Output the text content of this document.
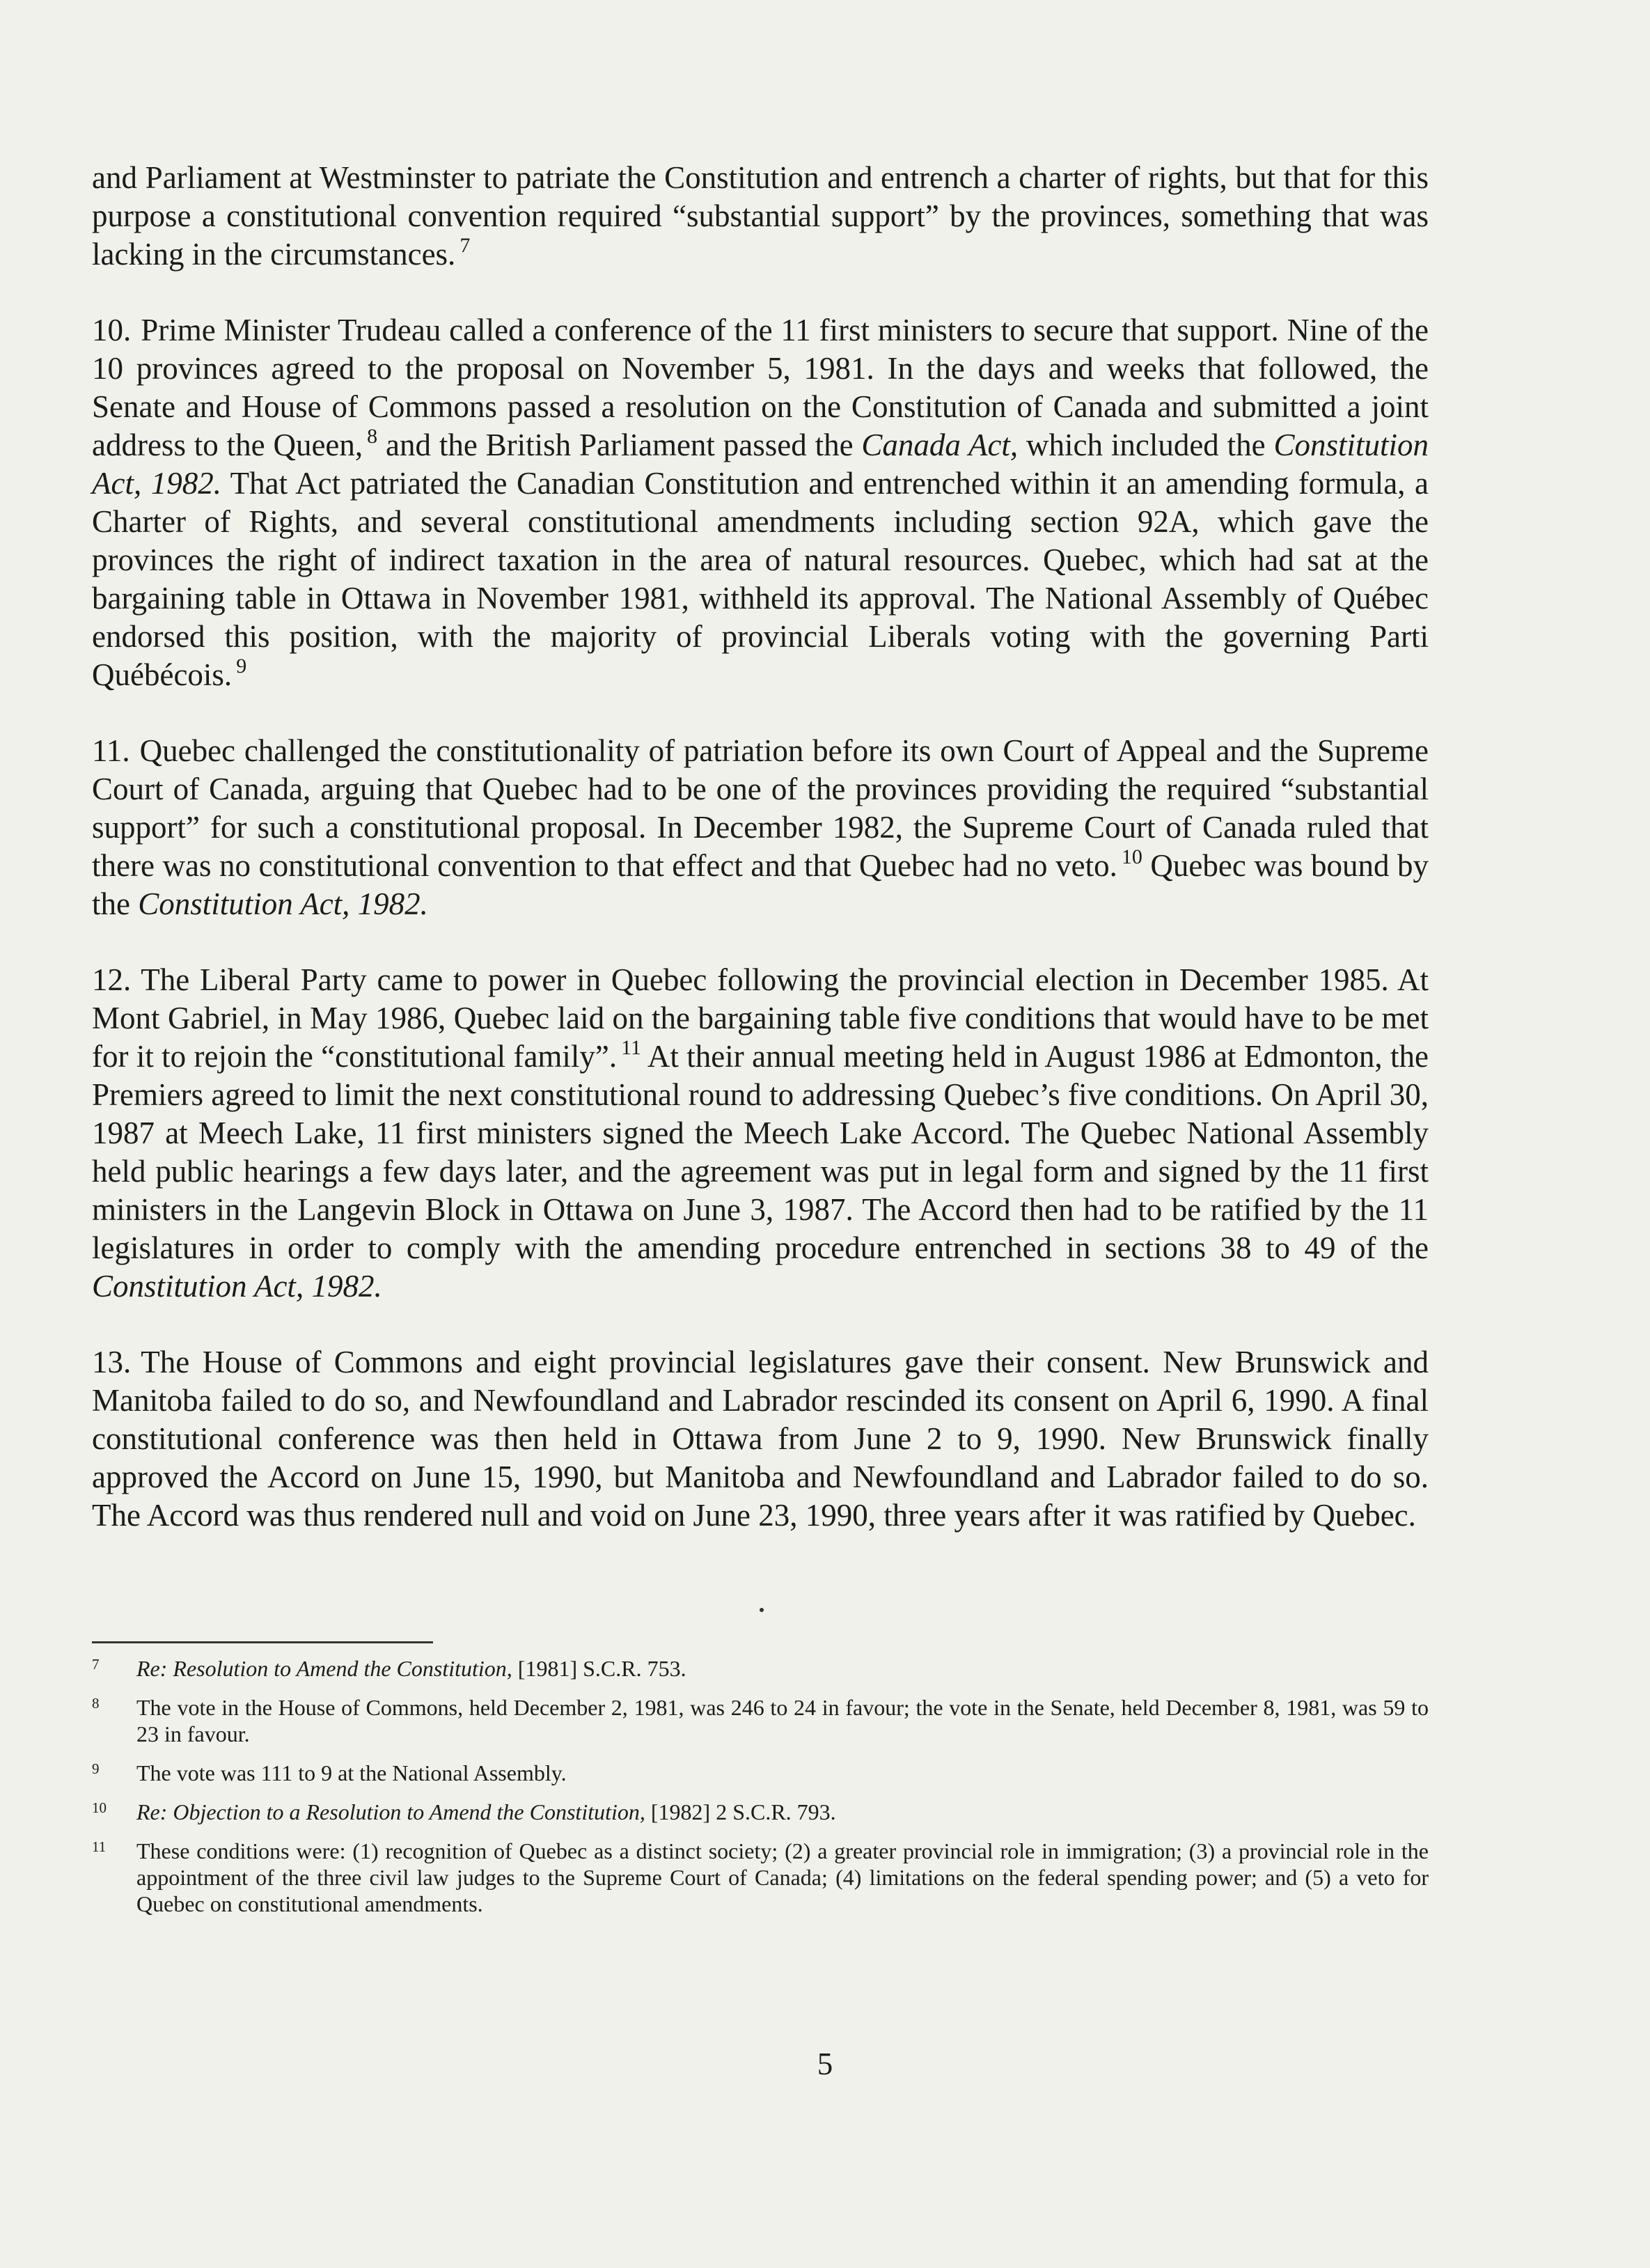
and Parliament at Westminster to patriate the Constitution and entrench a charter of rights, but that for this purpose a constitutional convention required “substantial support” by the provinces, something that was lacking in the circumstances. $^7$

10. Prime Minister Trudeau called a conference of the 11 first ministers to secure that support. Nine of the 10 provinces agreed to the proposal on November 5, 1981. In the days and weeks that followed, the Senate and House of Commons passed a resolution on the Constitution of Canada and submitted a joint address to the Queen, $^8$ and the British Parliament passed the Canada Act, which included the Constitution Act, 1982. That Act patriated the Canadian Constitution and entrenched within it an amending formula, a Charter of Rights, and several constitutional amendments including section 92A, which gave the provinces the right of indirect taxation in the area of natural resources. Quebec, which had sat at the bargaining table in Ottawa in November 1981, withheld its approval. The National Assembly of Québec endorsed this position, with the majority of provincial Liberals voting with the governing Parti Québécois. $^9$

11. Quebec challenged the constitutionality of patriation before its own Court of Appeal and the Supreme Court of Canada, arguing that Quebec had to be one of the provinces providing the required “substantial support” for such a constitutional proposal. In December 1982, the Supreme Court of Canada ruled that there was no constitutional convention to that effect and that Quebec had no veto. $^{10}$ Quebec was bound by the Constitution Act, 1982.

12. The Liberal Party came to power in Quebec following the provincial election in December 1985. At Mont Gabriel, in May 1986, Quebec laid on the bargaining table five conditions that would have to be met for it to rejoin the “constitutional family”. $^{11}$ At their annual meeting held in August 1986 at Edmonton, the Premiers agreed to limit the next constitutional round to addressing Quebec’s five conditions. On April 30, 1987 at Meech Lake, 11 first ministers signed the Meech Lake Accord. The Quebec National Assembly held public hearings a few days later, and the agreement was put in legal form and signed by the 11 first ministers in the Langevin Block in Ottawa on June 3, 1987. The Accord then had to be ratified by the 11 legislatures in order to comply with the amending procedure entrenched in sections 38 to 49 of the Constitution Act, 1982.

13. The House of Commons and eight provincial legislatures gave their consent. New Brunswick and Manitoba failed to do so, and Newfoundland and Labrador rescinded its consent on April 6, 1990. A final constitutional conference was then held in Ottawa from June 2 to 9, 1990. New Brunswick finally approved the Accord on June 15, 1990, but Manitoba and Newfoundland and Labrador failed to do so. The Accord was thus rendered null and void on June 23, 1990, three years after it was ratified by Quebec.

7 Re: Resolution to Amend the Constitution, [1981] S.C.R. 753.

8 The vote in the House of Commons, held December 2, 1981, was 246 to 24 in favour; the vote in the Senate, held December 8, 1981, was 59 to 23 in favour.

9 The vote was 111 to 9 at the National Assembly.

10 Re: Objection to a Resolution to Amend the Constitution, [1982] 2 S.C.R. 793.

11 These conditions were: (1) recognition of Quebec as a distinct society; (2) a greater provincial role in immigration; (3) a provincial role in the appointment of the three civil law judges to the Supreme Court of Canada; (4) limitations on the federal spending power; and (5) a veto for Quebec on constitutional amendments.

5
